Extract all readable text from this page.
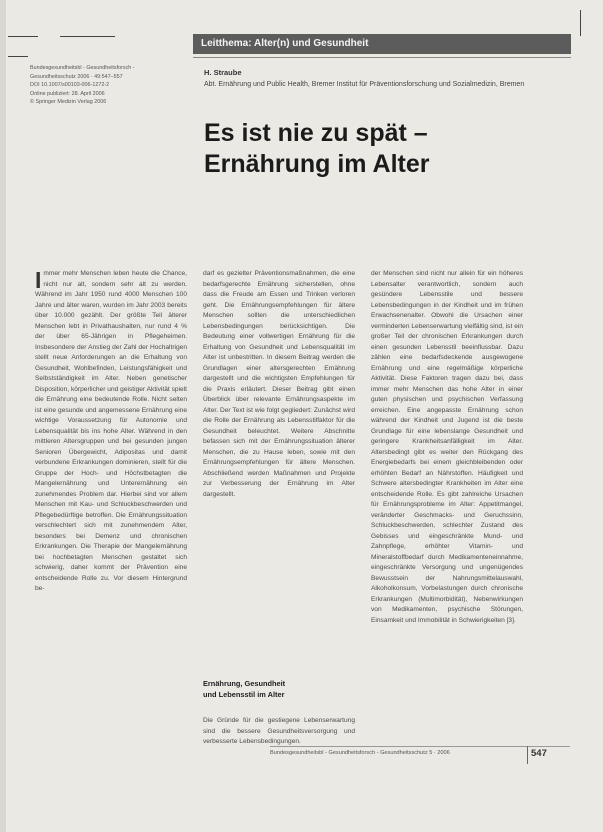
Leitthema: Alter(n) und Gesundheit
Bundesgesundheitsbl - Gesundheitsforsch -
Gesundheitsschutz 2006 · 49:547–557
DOI 10.1007/s00103-006-1272-2
Online publiziert: 28. April 2006
© Springer Medizin Verlag 2006
H. Straube
Abt. Ernährung und Public Health, Bremer Institut für Präventionsforschung und Sozialmedizin, Bremen
Es ist nie zu spät –
Ernährung im Alter

Immer mehr Menschen leben heute die Chance, nicht nur alt, sondern sehr alt zu werden. Während im Jahr 1950 rund 4000 Menschen 100 Jahre und älter waren, wurden im Jahr 2003 bereits über 10.000 gezählt. Der größte Teil älterer Menschen lebt in Privathaushalten, nur rund 4 % der über 65-Jährigen in Pflegeheimen. Insbesondere der Anstieg der Zahl der Hochaltrigen stellt neue Anforderungen an die Erhaltung von Gesundheit, Wohlbefinden, Leistungsfähigkeit und Selbstständigkeit im Alter. Neben genetischer Disposition, körperlicher und geistiger Aktivität spielt die Ernährung eine bedeutende Rolle. Nicht selten ist eine gesunde und angemessene Ernährung eine wichtige Voraussetzung für Autonomie und Lebensqualität bis ins hohe Alter. Während in den mittleren Altersgruppen und bei gesunden jungen Senioren Übergewicht, Adipositas und damit verbundene Erkrankungen dominieren, stellt für die Gruppe der Hoch- und Höchstbetagten die Mangelernährung und Unterernährung ein zunehmendes Problem dar. Hierbei sind vor allem Menschen mit Kau- und Schluckbeschwerden und Pflegebedürftige betroffen. Die Ernährungssituation verschlechtert sich mit zunehmendem Alter, besonders bei Demenz und chronischen Erkrankungen. Die Therapie der Mangelernährung bei hochbetagten Menschen gestaltet sich schwierig, daher kommt der Prävention eine entscheidende Rolle zu. Vor diesem Hintergrund be-

darf es gezielter Präventionsmaßnahmen, die eine bedarfsgerechte Ernährung sicherstellen, ohne dass die Freude am Essen und Trinken verloren geht. Die Ernährungsempfehlungen für ältere Menschen sollten die unterschiedlichen Lebensbedingungen berücksichtigen. Die Bedeutung einer vollwertigen Ernährung für die Erhaltung von Gesundheit und Lebensqualität im Alter ist unbestritten. In diesem Beitrag werden die Grundlagen einer altersgerechten Ernährung dargestellt und die wichtigsten Empfehlungen für die Praxis erläutert. Dieser Beitrag gibt einen Überblick über relevante Ernährungsaspekte im Alter. Der Text ist wie folgt gegliedert: Zunächst wird die Rolle der Ernährung als Lebensstilfaktor für die Gesundheit beleuchtet. Weitere Abschnitte befassen sich mit der Ernährungssituation älterer Menschen, die zu Hause leben, sowie mit den Ernährungsempfehlungen für ältere Menschen. Abschließend werden Maßnahmen und Projekte zur Verbesserung der Ernährung im Alter dargestellt.

Ernährung, Gesundheit
und Lebensstil im Alter

Die Gründe für die gestiegene Lebenserwartung sind die bessere Gesundheitsversorgung und verbesserte Lebensbedingungen.

der Menschen sind nicht nur allein für ein höheres Lebensalter verantwortlich, sondern auch gesündere Lebensstile und bessere Lebensbedingungen in der Kindheit und im frühen Erwachsenenalter. Obwohl die Ursachen einer verminderten Lebenserwartung vielfältig sind, ist ein großer Teil der chronischen Erkrankungen durch einen gesunden Lebensstil beeinflussbar. Dazu zählen eine bedarfsdeckende ausgewogene Ernährung und eine regelmäßige körperliche Aktivität. Diese Faktoren tragen dazu bei, dass immer mehr Menschen das hohe Alter in einer guten physischen und psychischen Verfassung erreichen. Eine angepasste Ernährung schon während der Kindheit und Jugend ist die beste Grundlage für eine lebenslange Gesundheit und geringere Krankheitsanfälligkeit im Alter. Altersbedingt gibt es weiter den Rückgang des Energiebedarfs bei einem gleichbleibenden oder erhöhten Bedarf an Nährstoffen. Häufigkeit und Schwere altersbedingter Krankheiten im Alter eine entscheidende Rolle. Es gibt zahlreiche Ursachen für Ernährungsprobleme im Alter: Appetitmangel, veränderter Geschmacks- und Geruchssinn, Schluckbeschwerden, schlechter Zustand des Gebisses und eingeschränkte Mund- und Zahnpflege, erhöhter Vitamin- und Mineralstoffbedarf durch Medikamenteneinnahme, eingeschränkte Versorgung und ungenügendes Bewusstsein der Nahrungsmittelauswahl, Alkoholkonsum, Vorbelastungen durch chronische Erkrankungen (Multimorbidität), Nebenwirkungen von Medikamenten, psychische Störungen, Einsamkeit und Immobilität in Schwierigkeiten [3].

Bundesgesundheitsbl - Gesundheitsforsch - Gesundheitsschutz 5 · 2006	547
